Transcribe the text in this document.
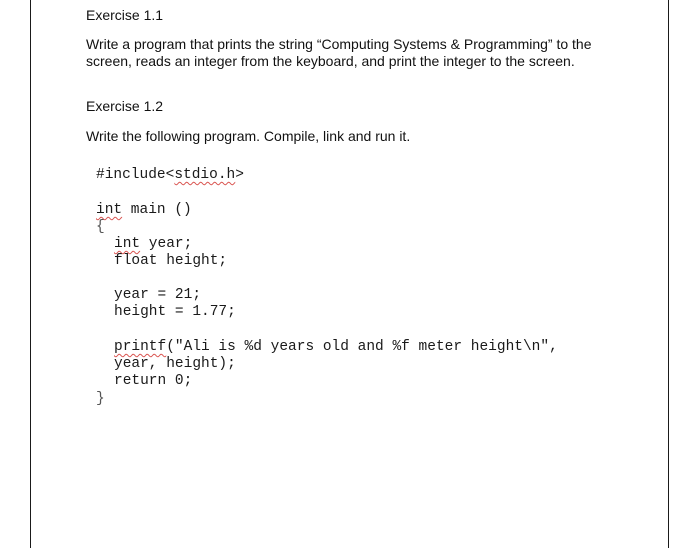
Exercise 1.1
Write a program that prints the string “Computing Systems & Programming” to the
screen, reads an integer from the keyboard, and print the integer to the screen.
Exercise 1.2
Write the following program. Compile, link and run it.
#include<stdio.h>
int main ()
{
int year;
float height;
year = 21;
height = 1.77;
printf("Ali is %d years old and %f meter height\n",
year, height);
return 0;
}
